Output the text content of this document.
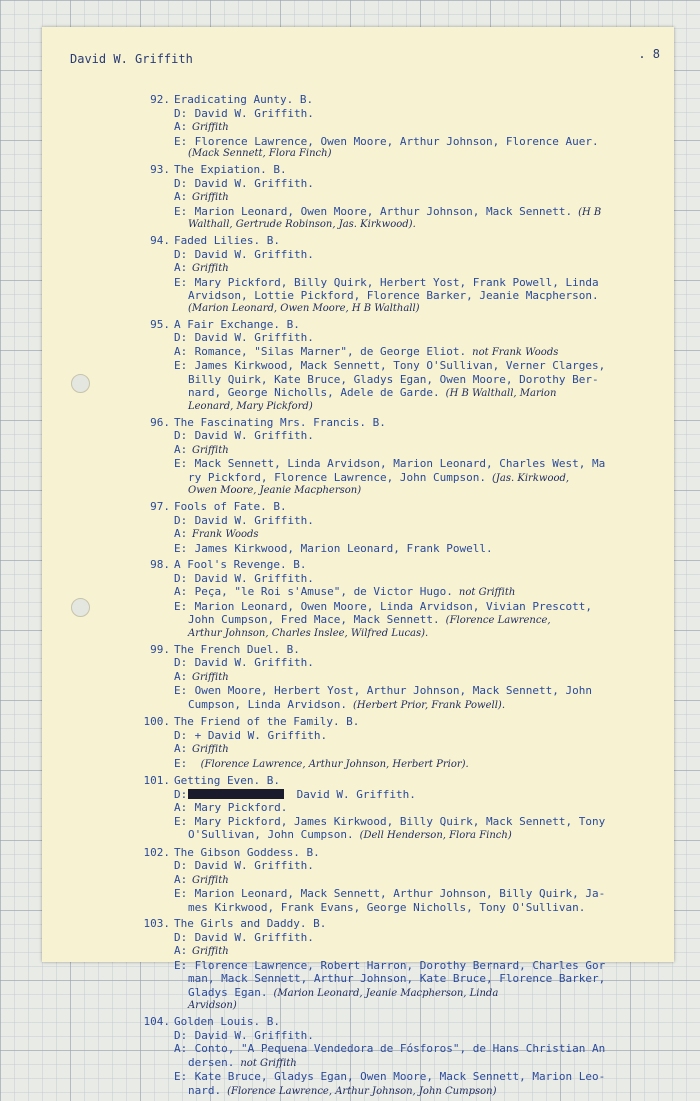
David W. Griffith	. 8
92. Eradicating Aunty. B.
D: David W. Griffith.
A: Griffith
E: Florence Lawrence, Owen Moore, Arthur Johnson, Florence Auer.
(Mack Sennett, Flora Finch)
93. The Expiation. B.
D: David W. Griffith.
A: Griffith
E: Marion Leonard, Owen Moore, Arthur Johnson, Mack Sennett. (H B
Walthall, Gertrude Robinson, Jas. Kirkwood).
94. Faded Lilies. B.
D: David W. Griffith.
A: Griffith
E: Mary Pickford, Billy Quirk, Herbert Yost, Frank Powell, Linda
Arvidson, Lottie Pickford, Florence Barker, Jeanie Macpherson.
(Marion Leonard, Owen Moore, H B Walthall)
95. A Fair Exchange. B.
D: David W. Griffith.
A: Romance, "Silas Marner", de George Eliot. not Frank Woods
E: James Kirkwood, Mack Sennett, Tony O'Sullivan, Verner Clarges,
Billy Quirk, Kate Bruce, Gladys Egan, Owen Moore, Dorothy Ber-
nard, George Nicholls, Adele de Garde. (H B Walthall, Marion
Leonard, Mary Pickford)
96. The Fascinating Mrs. Francis. B.
D: David W. Griffith.
A: Griffith
E: Mack Sennett, Linda Arvidson, Marion Leonard, Charles West, Ma
ry Pickford, Florence Lawrence, John Cumpson. (Jas. Kirkwood,
Owen Moore, Jeanie Macpherson)
97. Fools of Fate. B.
D: David W. Griffith.
A: Frank Woods
E: James Kirkwood, Marion Leonard, Frank Powell.
98. A Fool's Revenge. B.
D: David W. Griffith.
A: Peça, "le Roi s'Amuse", de Victor Hugo. not Griffith
E: Marion Leonard, Owen Moore, Linda Arvidson, Vivian Prescott,
John Cumpson, Fred Mace, Mack Sennett. (Florence Lawrence,
Arthur Johnson, Charles Inslee, Wilfred Lucas).
99. The French Duel. B.
D: David W. Griffith.
A: Griffith
E: Owen Moore, Herbert Yost, Arthur Johnson, Mack Sennett, John
Cumpson, Linda Arvidson. (Herbert Prior, Frank Powell).
100. The Friend of the Family. B.
D: + David W. Griffith.
A: Griffith
E: (Florence Lawrence, Arthur Johnson, Herbert Prior).
101. Getting Even. B.
D:	David W. Griffith.
A: Mary Pickford.
E: Mary Pickford, James Kirkwood, Billy Quirk, Mack Sennett, Tony
O'Sullivan, John Cumpson. (Dell Henderson, Flora Finch)
102. The Gibson Goddess. B.
D: David W. Griffith.
A: Griffith
E: Marion Leonard, Mack Sennett, Arthur Johnson, Billy Quirk, Ja-
mes Kirkwood, Frank Evans, George Nicholls, Tony O'Sullivan.
103. The Girls and Daddy. B.
D: David W. Griffith.
A: Griffith
E: Florence Lawrence, Robert Harron, Dorothy Bernard, Charles Gor
man, Mack Sennett, Arthur Johnson, Kate Bruce, Florence Barker,
Gladys Egan. (Marion Leonard, Jeanie Macpherson, Linda
Arvidson)
104. Golden Louis. B.
D: David W. Griffith.
A: Conto, "A Pequena Vendedora de Fósforos", de Hans Christian An
dersen. not Griffith
E: Kate Bruce, Gladys Egan, Owen Moore, Mack Sennett, Marion Leo-
nard. (Florence Lawrence, Arthur Johnson, John Cumpson)
